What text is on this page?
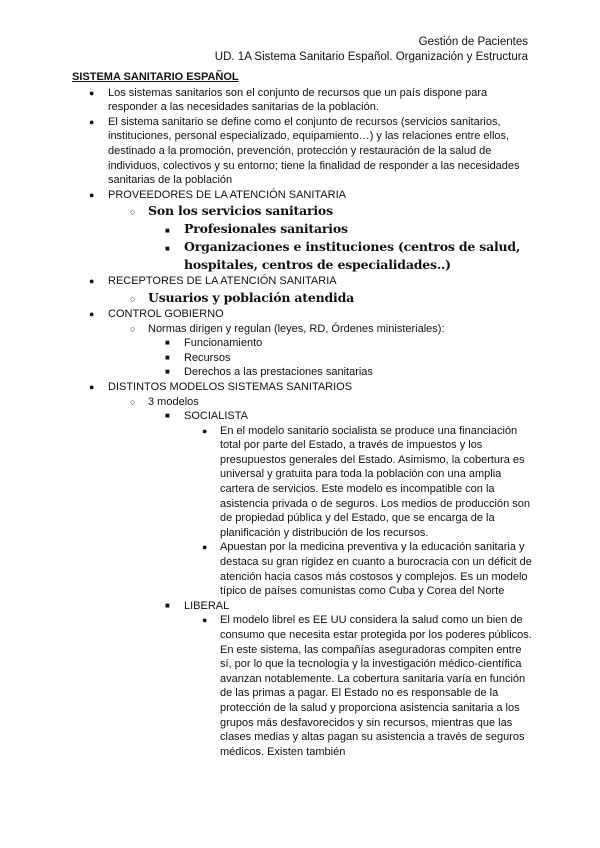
Gestión de Pacientes
UD. 1A Sistema Sanitario Español. Organización y Estructura
SISTEMA SANITARIO ESPAÑOL
● Los sistemas sanitarios son el conjunto de recursos que un país dispone para responder a las necesidades sanitarias de la población.
● El sistema sanitario se define como el conjunto de recursos (servicios sanitarios, instituciones, personal especializado, equipamiento…) y las relaciones entre ellos, destinado a la promoción, prevención, protección y restauración de la salud de individuos, colectivos y su entorno; tiene la finalidad de responder a las necesidades sanitarias de la población
● PROVEEDORES DE LA ATENCIÓN SANITARIA
○ Son los servicios sanitarios
■ Profesionales sanitarios
■ Organizaciones e instituciones (centros de salud, hospitales, centros de especialidades..)
● RECEPTORES DE LA ATENCIÓN SANITARIA
○ Usuarios y población atendida
● CONTROL GOBIERNO
○ Normas dirigen y regulan (leyes, RD, Órdenes ministeriales):
■ Funcionamiento
■ Recursos
■ Derechos a las prestaciones sanitarias
● DISTINTOS MODELOS SISTEMAS SANITARIOS
○ 3 modelos
■ SOCIALISTA
● En el modelo sanitario socialista se produce una financiación total por parte del Estado, a través de impuestos y los presupuestos generales del Estado. Asimismo, la cobertura es universal y gratuita para toda la población con una amplia cartera de servicios. Este modelo es incompatible con la asistencia privada o de seguros. Los medios de producción son de propiedad pública y del Estado, que se encarga de la planificación y distribución de los recursos.
● Apuestan por la medicina preventiva y la educación sanitaria y destaca su gran rigidez en cuanto a burocracia con un déficit de atención hacia casos más costosos y complejos. Es un modelo típico de países comunistas como Cuba y Corea del Norte
■ LIBERAL
● El modelo librel es EE UU considera la salud como un bien de consumo que necesita estar protegida por los poderes públicos. En este sistema, las compañías aseguradoras compiten entre sí, por lo que la tecnología y la investigación médico-científica avanzan notablemente. La cobertura sanitaria varía en función de las primas a pagar. El Estado no es responsable de la protección de la salud y proporciona asistencia sanitaria a los grupos más desfavorecidos y sin recursos, mientras que las clases medias y altas pagan su asistencia a través de seguros médicos. Existen también
